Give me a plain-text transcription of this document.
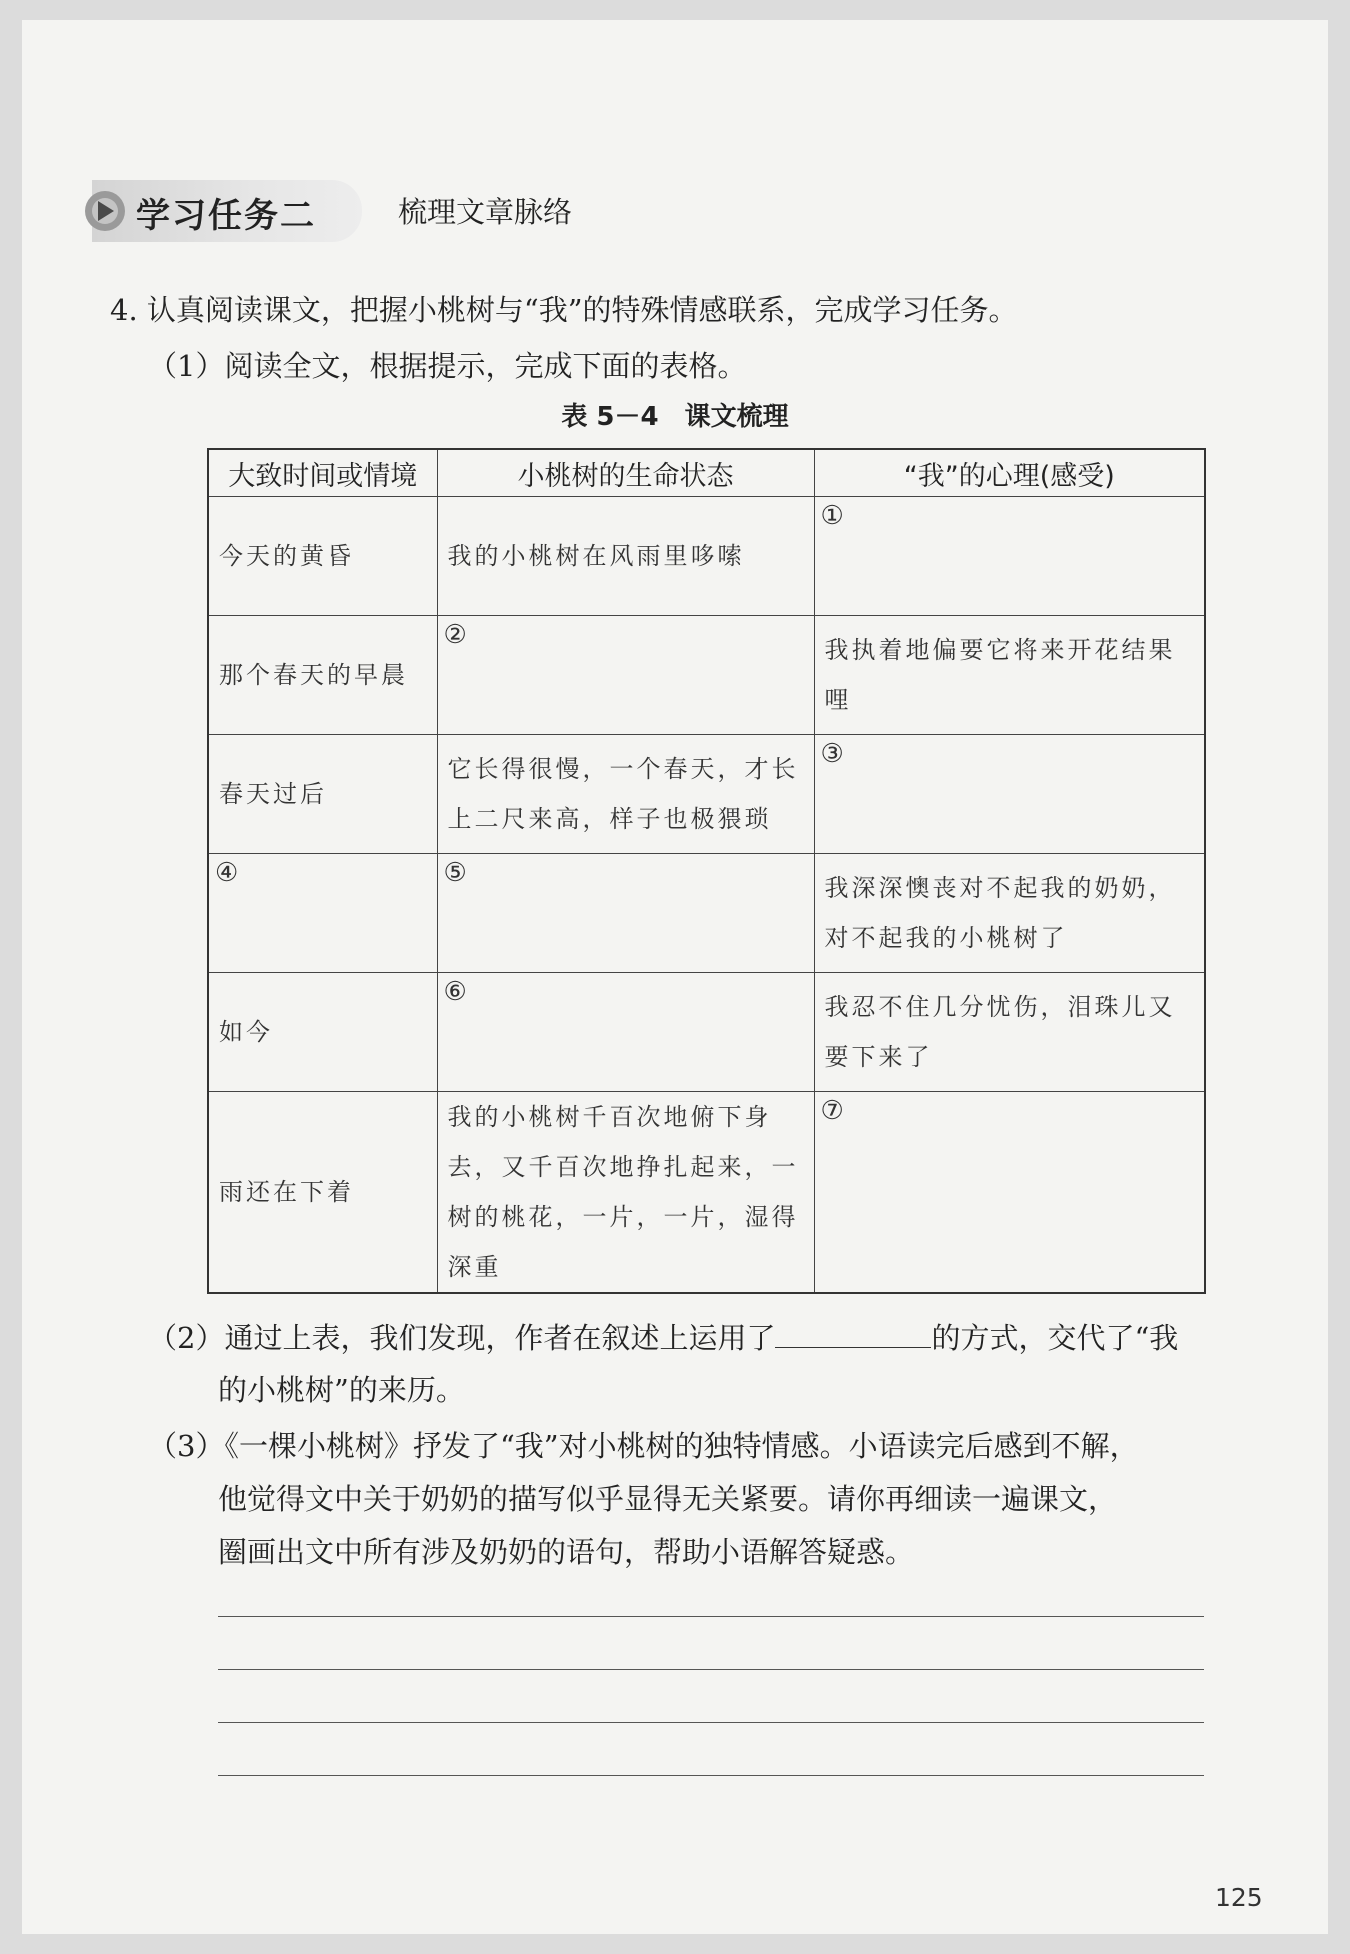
学习任务二	梳理文章脉络
4. 认真阅读课文，把握小桃树与“我”的特殊情感联系，完成学习任务。
（1）阅读全文，根据提示，完成下面的表格。
表 5－4　课文梳理
大致时间或情境	小桃树的生命状态	“我”的心理(感受)

今天的黄昏	我的小桃树在风雨里哆嗦	①

那个春天的早晨	②	我执着地偏要它将来开花结果哩

春天过后	它长得很慢，一个春天，才长上二尺来高，样子也极猥琐	③

④	⑤	我深深懊丧对不起我的奶奶，对不起我的小桃树了

如今	⑥	我忍不住几分忧伤，泪珠儿又要下来了

雨还在下着	我的小桃树千百次地俯下身去，又千百次地挣扎起来，一树的桃花，一片，一片，湿得深重	⑦
（2）通过上表，我们发现，作者在叙述上运用了	的方式，交代了“我
的小桃树”的来历。
（3）《一棵小桃树》抒发了“我”对小桃树的独特情感。小语读完后感到不解，
他觉得文中关于奶奶的描写似乎显得无关紧要。请你再细读一遍课文，
圈画出文中所有涉及奶奶的语句，帮助小语解答疑惑。
125
